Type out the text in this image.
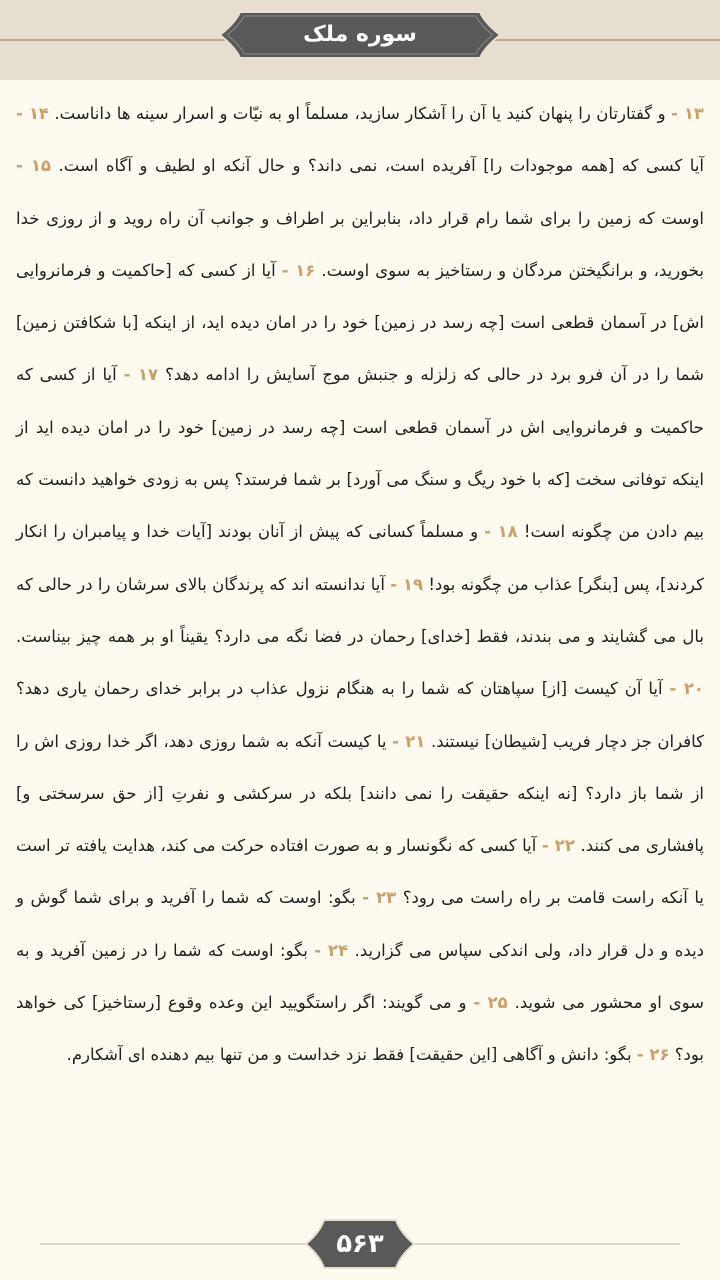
سوره ملک
۱۳ - و گفتارتان را پنهان کنید یا آن را آشکار سازید، مسلماً او به نیّات و اسرار سینه ها داناست. ۱۴ - آیا کسی که [همه موجودات را] آفریده است، نمی داند؟ و حال آنکه او لطیف و آگاه است. ۱۵ - اوست که زمین را برای شما رام قرار داد، بنابراین بر اطراف و جوانب آن راه روید و از روزی خدا بخورید، و برانگیختن مردگان و رستاخیز به سوی اوست. ۱۶ - آیا از کسی که [حاکمیت و فرمانروایی اش] در آسمان قطعی است [چه رسد در زمین] خود را در امان دیده اید، از اینکه [با شکافتن زمین] شما را در آن فرو برد در حالی که زلزله و جنبش موج آسایش را ادامه دهد؟ ۱۷ - آیا از کسی که حاکمیت و فرمانروایی اش در آسمان قطعی است [چه رسد در زمین] خود را در امان دیده اید از اینکه توفانی سخت [که با خود ریگ و سنگ می آورد] بر شما فرستد؟ پس به زودی خواهید دانست که بیم دادن من چگونه است! ۱۸ - و مسلماً کسانی که پیش از آنان بودند [آیات خدا و پیامبران را انکار کردند]، پس [بنگر] عذاب من چگونه بود! ۱۹ - آیا ندانسته اند که پرندگان بالای سرشان را در حالی که بال می گشایند و می بندند، فقط [خدای] رحمان در فضا نگه می دارد؟ یقیناً او بر همه چیز بیناست. ۲۰ - آیا آن کیست [از] سپاهتان که شما را به هنگام نزول عذاب در برابر خدای رحمان یاری دهد؟ کافران جز دچار فریب [شیطان] نیستند. ۲۱ - یا کیست آنکه به شما روزی دهد، اگر خدا روزی اش را از شما باز دارد؟ [نه اینکه حقیقت را نمی دانند] بلکه در سرکشی و نفرتِ [از حق سرسختی و] پافشاری می کنند. ۲۲ - آیا کسی که نگونسار و به صورت افتاده حرکت می کند، هدایت یافته تر است یا آنکه راست قامت بر راه راست می رود؟ ۲۳ - بگو: اوست که شما را آفرید و برای شما گوش و دیده و دل قرار داد، ولی اندکی سپاس می گزارید. ۲۴ - بگو: اوست که شما را در زمین آفرید و به سوی او محشور می شوید. ۲۵ - و می گویند: اگر راستگویید این وعده وقوع [رستاخیز] کی خواهد بود؟ ۲۶ - بگو: دانش و آگاهی [این حقیقت] فقط نزد خداست و من تنها بیم دهنده ای آشکارم.
۵۶۳
